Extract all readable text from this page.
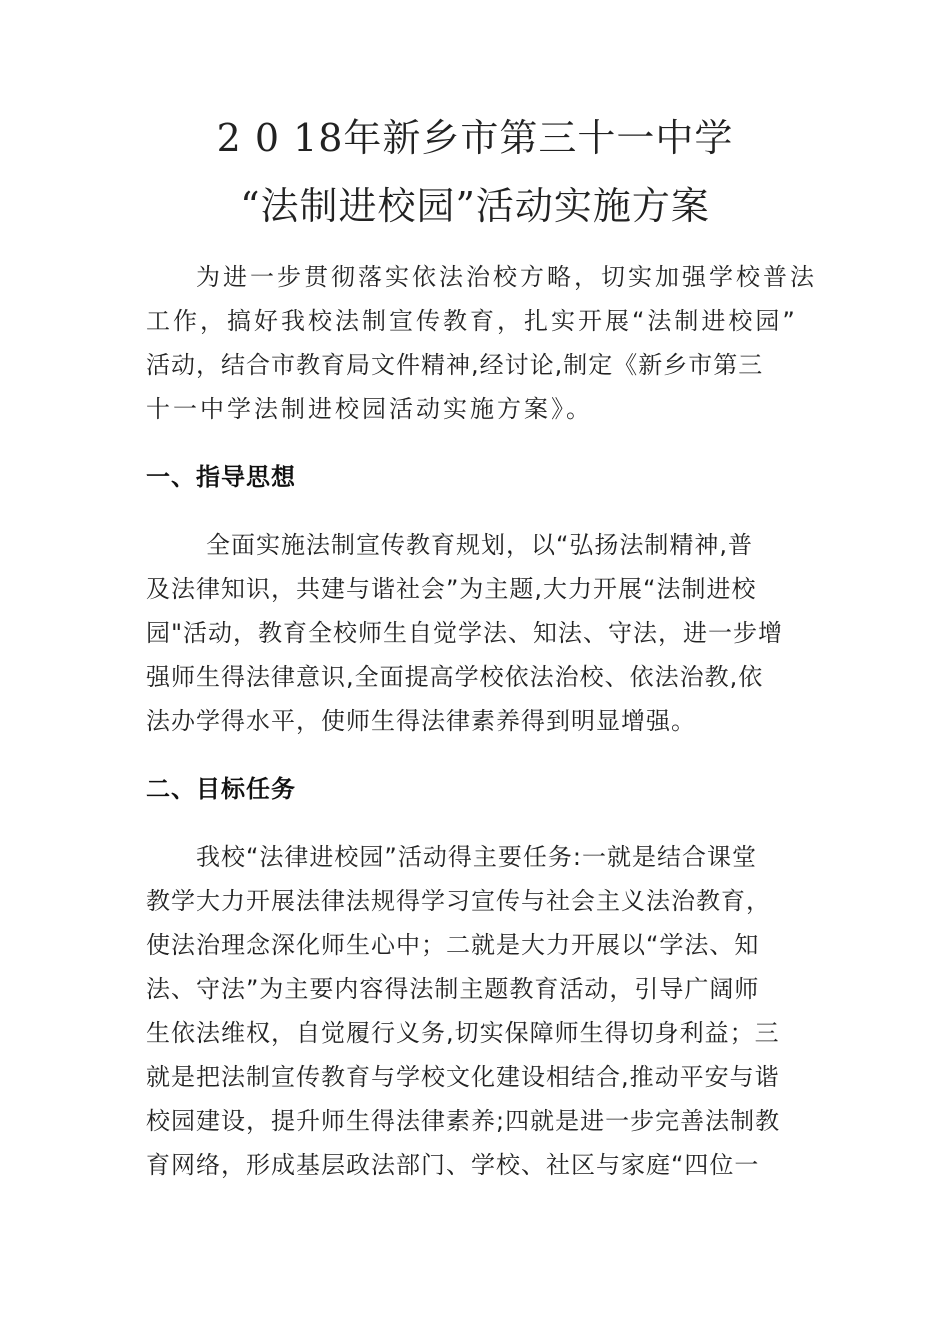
2 0 18年新乡市第三十一中学
“法制进校园”活动实施方案
为进一步贯彻落实依法治校方略，切实加强学校普法
工作，搞好我校法制宣传教育，扎实开展“法制进校园”
活动，结合市教育局文件精神,经讨论,制定《新乡市第三
十一中学法制进校园活动实施方案》。
一、指导思想
全面实施法制宣传教育规划，以“弘扬法制精神,普
及法律知识，共建与谐社会”为主题,大力开展“法制进校
园"活动，教育全校师生自觉学法、知法、守法，进一步增
强师生得法律意识,全面提高学校依法治校、依法治教,依
法办学得水平，使师生得法律素养得到明显增强。
二、目标任务
我校“法律进校园”活动得主要任务:一就是结合课堂
教学大力开展法律法规得学习宣传与社会主义法治教育，
使法治理念深化师生心中；二就是大力开展以“学法、知
法、守法”为主要内容得法制主题教育活动，引导广阔师
生依法维权，自觉履行义务,切实保障师生得切身利益；三
就是把法制宣传教育与学校文化建设相结合,推动平安与谐
校园建设，提升师生得法律素养;四就是进一步完善法制教
育网络，形成基层政法部门、学校、社区与家庭“四位一
